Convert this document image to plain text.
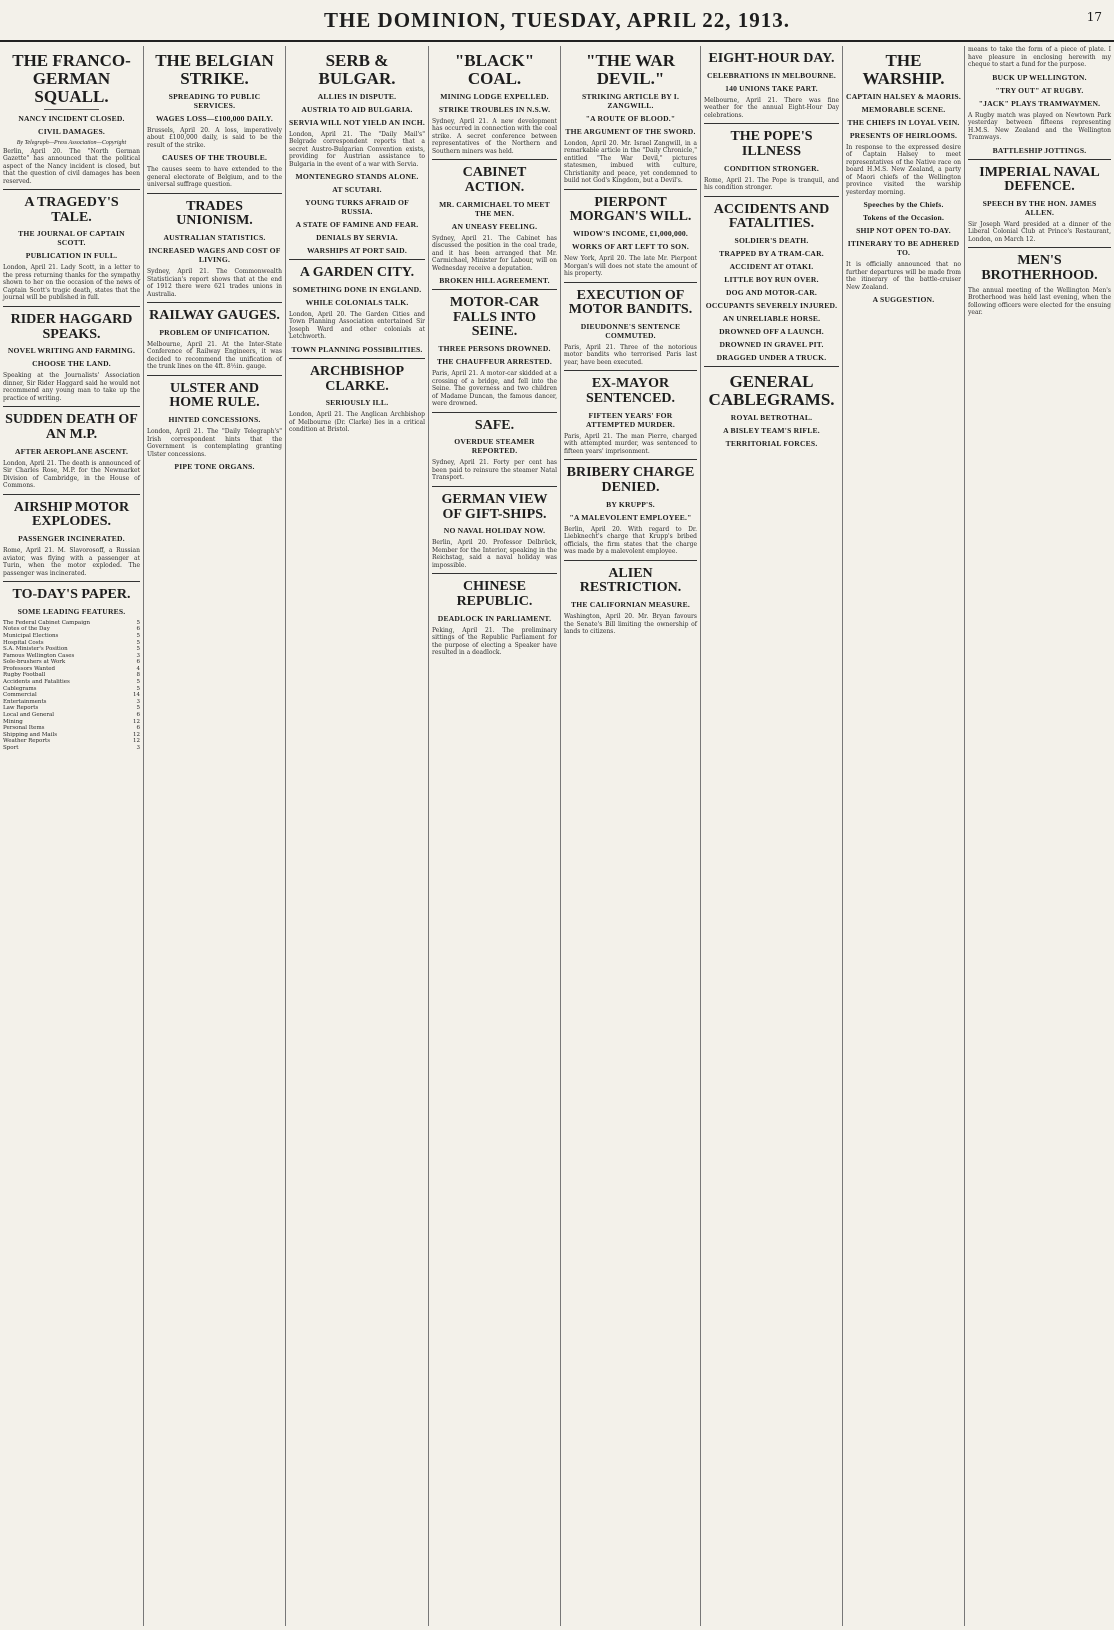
THE DOMINION, TUESDAY, APRIL 22, 1913.	17
THE FRANCO-GERMAN SQUALL.
NANCY INCIDENT CLOSED.
CIVIL DAMAGES.
By Telegraph—Press Association—Copyright

Berlin, April 20. The "North German Gazette" has announced that the political aspect of the Nancy incident is closed, but that the question of civil damages has been reserved.

A TRAGEDY'S TALE.
THE JOURNAL OF CAPTAIN SCOTT.
PUBLICATION IN FULL.

London, April 21. Lady Scott, in a letter to the press returning thanks for the sympathy shown to her on the occasion of the news of Captain Scott's tragic death, states that the journal will be published in full.

RIDER HAGGARD SPEAKS.
NOVEL WRITING AND FARMING.
CHOOSE THE LAND.

Speaking at the Journalists' Association dinner, Sir Rider Haggard said he would not recommend any young man to take up the practice of writing.

SUDDEN DEATH OF AN M.P.
AFTER AEROPLANE ASCENT.

London, April 21. The death is announced of Sir Charles Rose, M.P. for the Newmarket Division of Cambridge, in the House of Commons.

AIRSHIP MOTOR EXPLODES.
PASSENGER INCINERATED.

Rome, April 21. M. Slavorosoff, a Russian aviator, was flying with a passenger at Turin, when the motor exploded. The passenger was incinerated.

TO-DAY'S PAPER.
SOME LEADING FEATURES.
The Federal Cabinet Campaign	5
Notes of the Day	6
Municipal Elections	5
Hospital Costs	5
S.A. Minister's Position	5
Famous Wellington Cases	3
Sole-brushers at Work	6
Professors Wanted	4
Rugby Football	8
Accidents and Fatalities	5
Cablegrams	5
Commercial	14
Entertainments	3
Law Reports	5
Local and General	6
Mining	12
Personal Items	6
Shipping and Mails	12
Weather Reports	12
Sport	3
THE BELGIAN STRIKE.
SPREADING TO PUBLIC SERVICES.
WAGES LOSS—£100,000 DAILY.

Brussels, April 20. A loss, imperatively about £100,000 daily, is said to be the result of the strike.

CAUSES OF THE TROUBLE.

The causes seem to have extended to the general electorate of Belgium, and to the universal suffrage question.

TRADES UNIONISM.
AUSTRALIAN STATISTICS.
INCREASED WAGES AND COST OF LIVING.

Sydney, April 21. The Commonwealth Statistician's report shows that at the end of 1912 there were 621 trades unions in Australia.

RAILWAY GAUGES.
PROBLEM OF UNIFICATION.

Melbourne, April 21. At the Inter-State Conference of Railway Engineers, it was decided to recommend the unification of the trunk lines on the 4ft. 8½in. gauge.

ULSTER AND HOME RULE.
HINTED CONCESSIONS.

London, April 21. The "Daily Telegraph's" Irish correspondent hints that the Government is contemplating granting Ulster concessions.

PIPE TONE ORGANS.
SERB & BULGAR.
ALLIES IN DISPUTE.
AUSTRIA TO AID BULGARIA.
SERVIA WILL NOT YIELD AN INCH.

London, April 21. The "Daily Mail's" Belgrade correspondent reports that a secret Austro-Bulgarian Convention exists, providing for Austrian assistance to Bulgaria in the event of a war with Servia.

MONTENEGRO STANDS ALONE.
AT SCUTARI.
YOUNG TURKS AFRAID OF RUSSIA.
A STATE OF FAMINE AND FEAR.
DENIALS BY SERVIA.
WARSHIPS AT PORT SAID.
A GARDEN CITY.
SOMETHING DONE IN ENGLAND.
WHILE COLONIALS TALK.

London, April 20. The Garden Cities and Town Planning Association entertained Sir Joseph Ward and other colonials at Letchworth.

TOWN PLANNING POSSIBILITIES.
ARCHBISHOP CLARKE.
SERIOUSLY ILL.

London, April 21. The Anglican Archbishop of Melbourne (Dr. Clarke) lies in a critical condition at Bristol.

"BLACK" COAL.
MINING LODGE EXPELLED.
STRIKE TROUBLES IN N.S.W.

Sydney, April 21. A new development has occurred in connection with the coal strike. A secret conference between representatives of the Northern and Southern miners was held.

CABINET ACTION.
MR. CARMICHAEL TO MEET THE MEN.
AN UNEASY FEELING.

Sydney, April 21. The Cabinet has discussed the position in the coal trade, and it has been arranged that Mr. Carmichael, Minister for Labour, will on Wednesday receive a deputation.

BROKEN HILL AGREEMENT.
MOTOR-CAR FALLS INTO SEINE.
THREE PERSONS DROWNED.
THE CHAUFFEUR ARRESTED.

Paris, April 21. A motor-car skidded at a crossing of a bridge, and fell into the Seine. The governess and two children of Madame Duncan, the famous dancer, were drowned.

SAFE.
OVERDUE STEAMER REPORTED.

Sydney, April 21. Forty per cent has been paid to reinsure the steamer Natal Transport.

GERMAN VIEW OF GIFT-SHIPS.
NO NAVAL HOLIDAY NOW.

Berlin, April 20. Professor Delbrück, Member for the Interior, speaking in the Reichstag, said a naval holiday was impossible.

CHINESE REPUBLIC.
DEADLOCK IN PARLIAMENT.

Peking, April 21. The preliminary sittings of the Republic Parliament for the purpose of electing a Speaker have resulted in a deadlock.

"THE WAR DEVIL."
STRIKING ARTICLE BY I. ZANGWILL.
"A ROUTE OF BLOOD."
THE ARGUMENT OF THE SWORD.

London, April 20. Mr. Israel Zangwill, in a remarkable article in the "Daily Chronicle," entitled "The War Devil," pictures statesmen, imbued with culture, Christianity and peace, yet condemned to build not God's Kingdom, but a Devil's.

PIERPONT MORGAN'S WILL.
WIDOW'S INCOME, £1,000,000.
WORKS OF ART LEFT TO SON.

New York, April 20. The late Mr. Pierpont Morgan's will does not state the amount of his property.

EXECUTION OF MOTOR BANDITS.
DIEUDONNE'S SENTENCE COMMUTED.

Paris, April 21. Three of the notorious motor bandits who terrorised Paris last year, have been executed.

EX-MAYOR SENTENCED.
FIFTEEN YEARS' FOR ATTEMPTED MURDER.

Paris, April 21. The man Pierre, charged with attempted murder, was sentenced to fifteen years' imprisonment.

BRIBERY CHARGE DENIED.
BY KRUPP'S.
"A MALEVOLENT EMPLOYEE."

Berlin, April 20. With regard to Dr. Liebknecht's charge that Krupp's bribed officials, the firm states that the charge was made by a malevolent employee.

ALIEN RESTRICTION.
THE CALIFORNIAN MEASURE.

Washington, April 20. Mr. Bryan favours the Senate's Bill limiting the ownership of lands to citizens.

EIGHT-HOUR DAY.
CELEBRATIONS IN MELBOURNE.
140 UNIONS TAKE PART.

Melbourne, April 21. There was fine weather for the annual Eight-Hour Day celebrations.

THE POPE'S ILLNESS
CONDITION STRONGER.

Rome, April 21. The Pope is tranquil, and his condition stronger.

ACCIDENTS AND FATALITIES.
SOLDIER'S DEATH.
TRAPPED BY A TRAM-CAR.
ACCIDENT AT OTAKI.
LITTLE BOY RUN OVER.
DOG AND MOTOR-CAR.
OCCUPANTS SEVERELY INJURED.
AN UNRELIABLE HORSE.
DROWNED OFF A LAUNCH.
DROWNED IN GRAVEL PIT.
DRAGGED UNDER A TRUCK.
GENERAL CABLEGRAMS.
ROYAL BETROTHAL.
A BISLEY TEAM'S RIFLE.
TERRITORIAL FORCES.
THE WARSHIP.
CAPTAIN HALSEY & MAORIS.
MEMORABLE SCENE.
THE CHIEFS IN LOYAL VEIN.
PRESENTS OF HEIRLOOMS.

In response to the expressed desire of Captain Halsey to meet representatives of the Native race on board H.M.S. New Zealand, a party of Maori chiefs of the Wellington province visited the warship yesterday morning.

Speeches by the Chiefs.
Tokens of the Occasion.
SHIP NOT OPEN TO-DAY.
ITINERARY TO BE ADHERED TO.

It is officially announced that no further departures will be made from the itinerary of the battle-cruiser New Zealand.

A SUGGESTION.

means to take the form of a piece of plate. I have pleasure in enclosing herewith my cheque to start a fund for the purpose.

BUCK UP WELLINGTON.
"TRY OUT" AT RUGBY.
"JACK" PLAYS TRAMWAYMEN.

A Rugby match was played on Newtown Park yesterday between fifteens representing H.M.S. New Zealand and the Wellington Tramways.

BATTLESHIP JOTTINGS.
IMPERIAL NAVAL DEFENCE.
SPEECH BY THE HON. JAMES ALLEN.

Sir Joseph Ward presided at a dinner of the Liberal Colonial Club at Prince's Restaurant, London, on March 12.

MEN'S BROTHERHOOD.

The annual meeting of the Wellington Men's Brotherhood was held last evening, when the following officers were elected for the ensuing year.
